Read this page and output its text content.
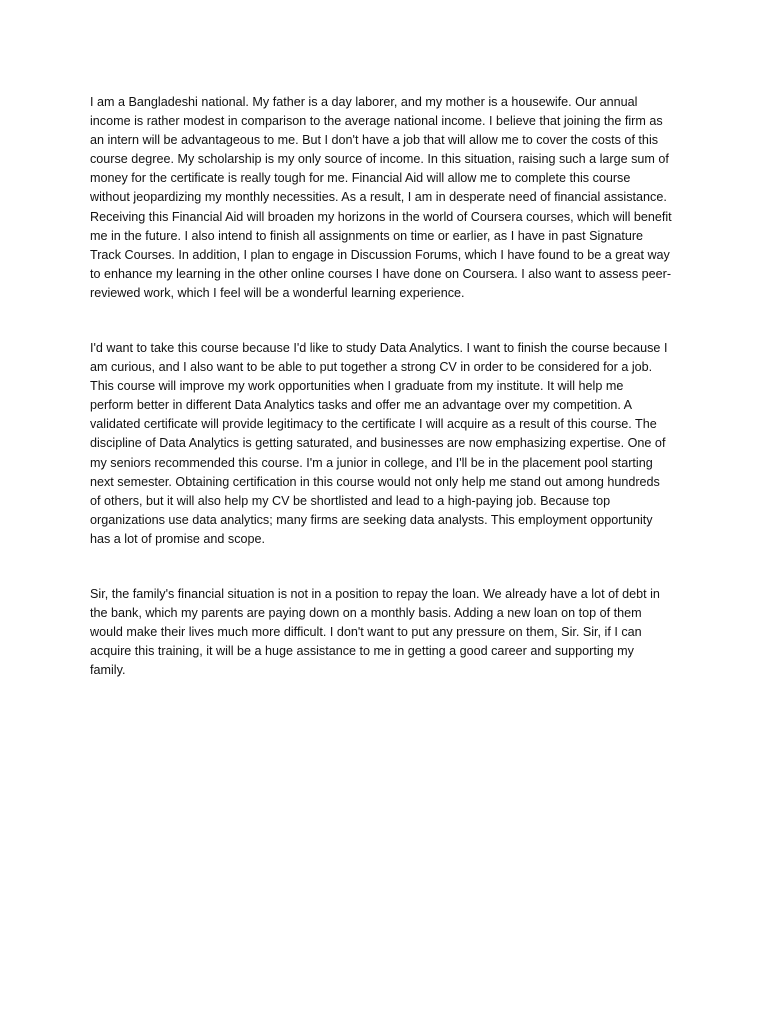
I am a Bangladeshi national. My father is a day laborer, and my mother is a housewife. Our annual
income is rather modest in comparison to the average national income. I believe that joining the firm as
an intern will be advantageous to me. But I don't have a job that will allow me to cover the costs of this
course degree. My scholarship is my only source of income. In this situation, raising such a large sum of
money for the certificate is really tough for me. Financial Aid will allow me to complete this course
without jeopardizing my monthly necessities. As a result, I am in desperate need of financial assistance.
Receiving this Financial Aid will broaden my horizons in the world of Coursera courses, which will benefit
me in the future. I also intend to finish all assignments on time or earlier, as I have in past Signature
Track Courses. In addition, I plan to engage in Discussion Forums, which I have found to be a great way
to enhance my learning in the other online courses I have done on Coursera. I also want to assess peer-
reviewed work, which I feel will be a wonderful learning experience.

I'd want to take this course because I'd like to study Data Analytics. I want to finish the course because I
am curious, and I also want to be able to put together a strong CV in order to be considered for a job.
This course will improve my work opportunities when I graduate from my institute. It will help me
perform better in different Data Analytics tasks and offer me an advantage over my competition. A
validated certificate will provide legitimacy to the certificate I will acquire as a result of this course. The
discipline of Data Analytics is getting saturated, and businesses are now emphasizing expertise. One of
my seniors recommended this course. I'm a junior in college, and I'll be in the placement pool starting
next semester. Obtaining certification in this course would not only help me stand out among hundreds
of others, but it will also help my CV be shortlisted and lead to a high-paying job. Because top
organizations use data analytics; many firms are seeking data analysts. This employment opportunity
has a lot of promise and scope.

Sir, the family's financial situation is not in a position to repay the loan. We already have a lot of debt in
the bank, which my parents are paying down on a monthly basis. Adding a new loan on top of them
would make their lives much more difficult. I don't want to put any pressure on them, Sir. Sir, if I can
acquire this training, it will be a huge assistance to me in getting a good career and supporting my
family.
